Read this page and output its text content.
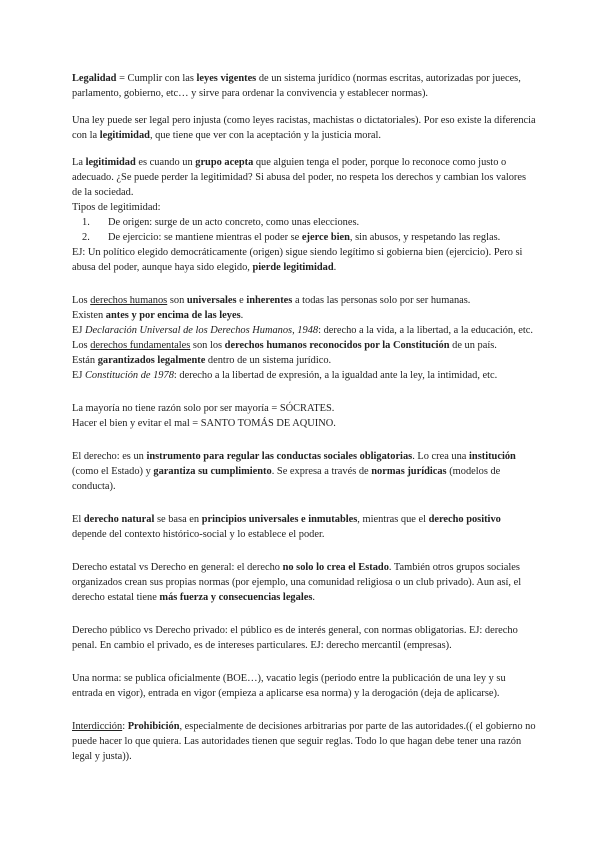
Legalidad = Cumplir con las leyes vigentes de un sistema jurídico (normas escritas, autorizadas por jueces, parlamento, gobierno, etc… y sirve para ordenar la convivencia y establecer normas).

Una ley puede ser legal pero injusta (como leyes racistas, machistas o dictatoriales). Por eso existe la diferencia con la legitimidad, que tiene que ver con la aceptación y la justicia moral.

La legitimidad es cuando un grupo acepta que alguien tenga el poder, porque lo reconoce como justo o adecuado. ¿Se puede perder la legitimidad? Si abusa del poder, no respeta los derechos y cambian los valores de la sociedad.

Tipos de legitimidad:

1. De origen: surge de un acto concreto, como unas elecciones.
2. De ejercicio: se mantiene mientras el poder se ejerce bien, sin abusos, y respetando las reglas.

EJ: Un político elegido democráticamente (origen) sigue siendo legítimo si gobierna bien (ejercicio). Pero si abusa del poder, aunque haya sido elegido, pierde legitimidad.

Los derechos humanos son universales e inherentes a todas las personas solo por ser humanas.

Existen antes y por encima de las leyes.

EJ Declaración Universal de los Derechos Humanos, 1948: derecho a la vida, a la libertad, a la educación, etc.

Los derechos fundamentales son los derechos humanos reconocidos por la Constitución de un país.

Están garantizados legalmente dentro de un sistema jurídico.

EJ Constitución de 1978: derecho a la libertad de expresión, a la igualdad ante la ley, la intimidad, etc.

La mayoría no tiene razón solo por ser mayoría = SÓCRATES.

Hacer el bien y evitar el mal = SANTO TOMÁS DE AQUINO.

El derecho: es un instrumento para regular las conductas sociales obligatorias. Lo crea una institución (como el Estado) y garantiza su cumplimiento. Se expresa a través de normas jurídicas (modelos de conducta).

El derecho natural se basa en principios universales e inmutables, mientras que el derecho positivo depende del contexto histórico-social y lo establece el poder.

Derecho estatal vs Derecho en general: el derecho no solo lo crea el Estado. También otros grupos sociales organizados crean sus propias normas (por ejemplo, una comunidad religiosa o un club privado). Aun así, el derecho estatal tiene más fuerza y consecuencias legales.

Derecho público vs Derecho privado: el público es de interés general, con normas obligatorias. EJ: derecho penal. En cambio el privado, es de intereses particulares. EJ: derecho mercantil (empresas).

Una norma: se publica oficialmente (BOE…), vacatio legis (periodo entre la publicación de una ley y su entrada en vigor), entrada en vigor (empieza a aplicarse esa norma) y la derogación (deja de aplicarse).

Interdicción: Prohibición, especialmente de decisiones arbitrarias por parte de las autoridades.(( el gobierno no puede hacer lo que quiera. Las autoridades tienen que seguir reglas. Todo lo que hagan debe tener una razón legal y justa)).
